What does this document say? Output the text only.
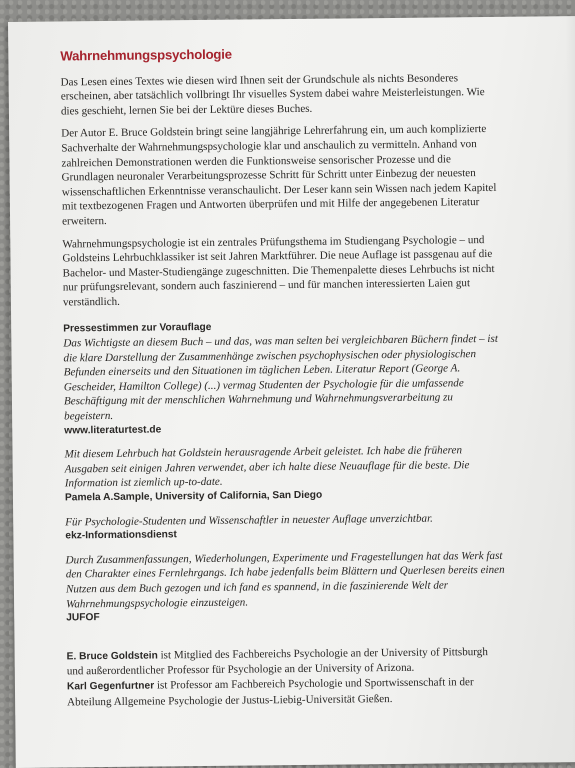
Wahrnehmungspsychologie

Das Lesen eines Textes wie diesen wird Ihnen seit der Grundschule als nichts Besonderes erscheinen, aber tatsächlich vollbringt Ihr visuelles System dabei wahre Meisterleistungen. Wie dies geschieht, lernen Sie bei der Lektüre dieses Buches.

Der Autor E. Bruce Goldstein bringt seine langjährige Lehrerfahrung ein, um auch komplizierte Sachverhalte der Wahrnehmungspsychologie klar und anschaulich zu vermitteln. Anhand von zahlreichen Demonstrationen werden die Funktionsweise sensorischer Prozesse und die Grundlagen neuronaler Verarbeitungsprozesse Schritt für Schritt unter Einbezug der neuesten wissenschaftlichen Erkenntnisse veranschaulicht. Der Leser kann sein Wissen nach jedem Kapitel mit textbezogenen Fragen und Antworten überprüfen und mit Hilfe der angegebenen Literatur erweitern.

Wahrnehmungspsychologie ist ein zentrales Prüfungsthema im Studiengang Psychologie – und Goldsteins Lehrbuchklassiker ist seit Jahren Marktführer. Die neue Auflage ist passgenau auf die Bachelor- und Master-Studiengänge zugeschnitten. Die Themenpalette dieses Lehrbuchs ist nicht nur prüfungsrelevant, sondern auch faszinierend – und für manchen interessierten Laien gut verständlich.

Pressestimmen zur Vorauflage

Das Wichtigste an diesem Buch – und das, was man selten bei vergleichbaren Büchern findet – ist die klare Darstellung der Zusammenhänge zwischen psychophysischen oder physiologischen Befunden einerseits und den Situationen im täglichen Leben. Literatur Report (George A. Gescheider, Hamilton College) (...) vermag Studenten der Psychologie für die umfassende Beschäftigung mit der menschlichen Wahrnehmung und Wahrnehmungsverarbeitung zu begeistern.

www.literaturtest.de

Mit diesem Lehrbuch hat Goldstein herausragende Arbeit geleistet. Ich habe die früheren Ausgaben seit einigen Jahren verwendet, aber ich halte diese Neuauflage für die beste. Die Information ist ziemlich up-to-date.

Pamela A.Sample, University of California, San Diego

Für Psychologie-Studenten und Wissenschaftler in neuester Auflage unverzichtbar.

ekz-Informationsdienst

Durch Zusammenfassungen, Wiederholungen, Experimente und Fragestellungen hat das Werk fast den Charakter eines Fernlehrgangs. Ich habe jedenfalls beim Blättern und Querlesen bereits einen Nutzen aus dem Buch gezogen und ich fand es spannend, in die faszinierende Welt der Wahrnehmungspsychologie einzusteigen.

JUFOF

E. Bruce Goldstein ist Mitglied des Fachbereichs Psychologie an der University of Pittsburgh und außerordentlicher Professor für Psychologie an der University of Arizona.

Karl Gegenfurtner ist Professor am Fachbereich Psychologie und Sportwissenschaft in der Abteilung Allgemeine Psychologie der Justus-Liebig-Universität Gießen.
